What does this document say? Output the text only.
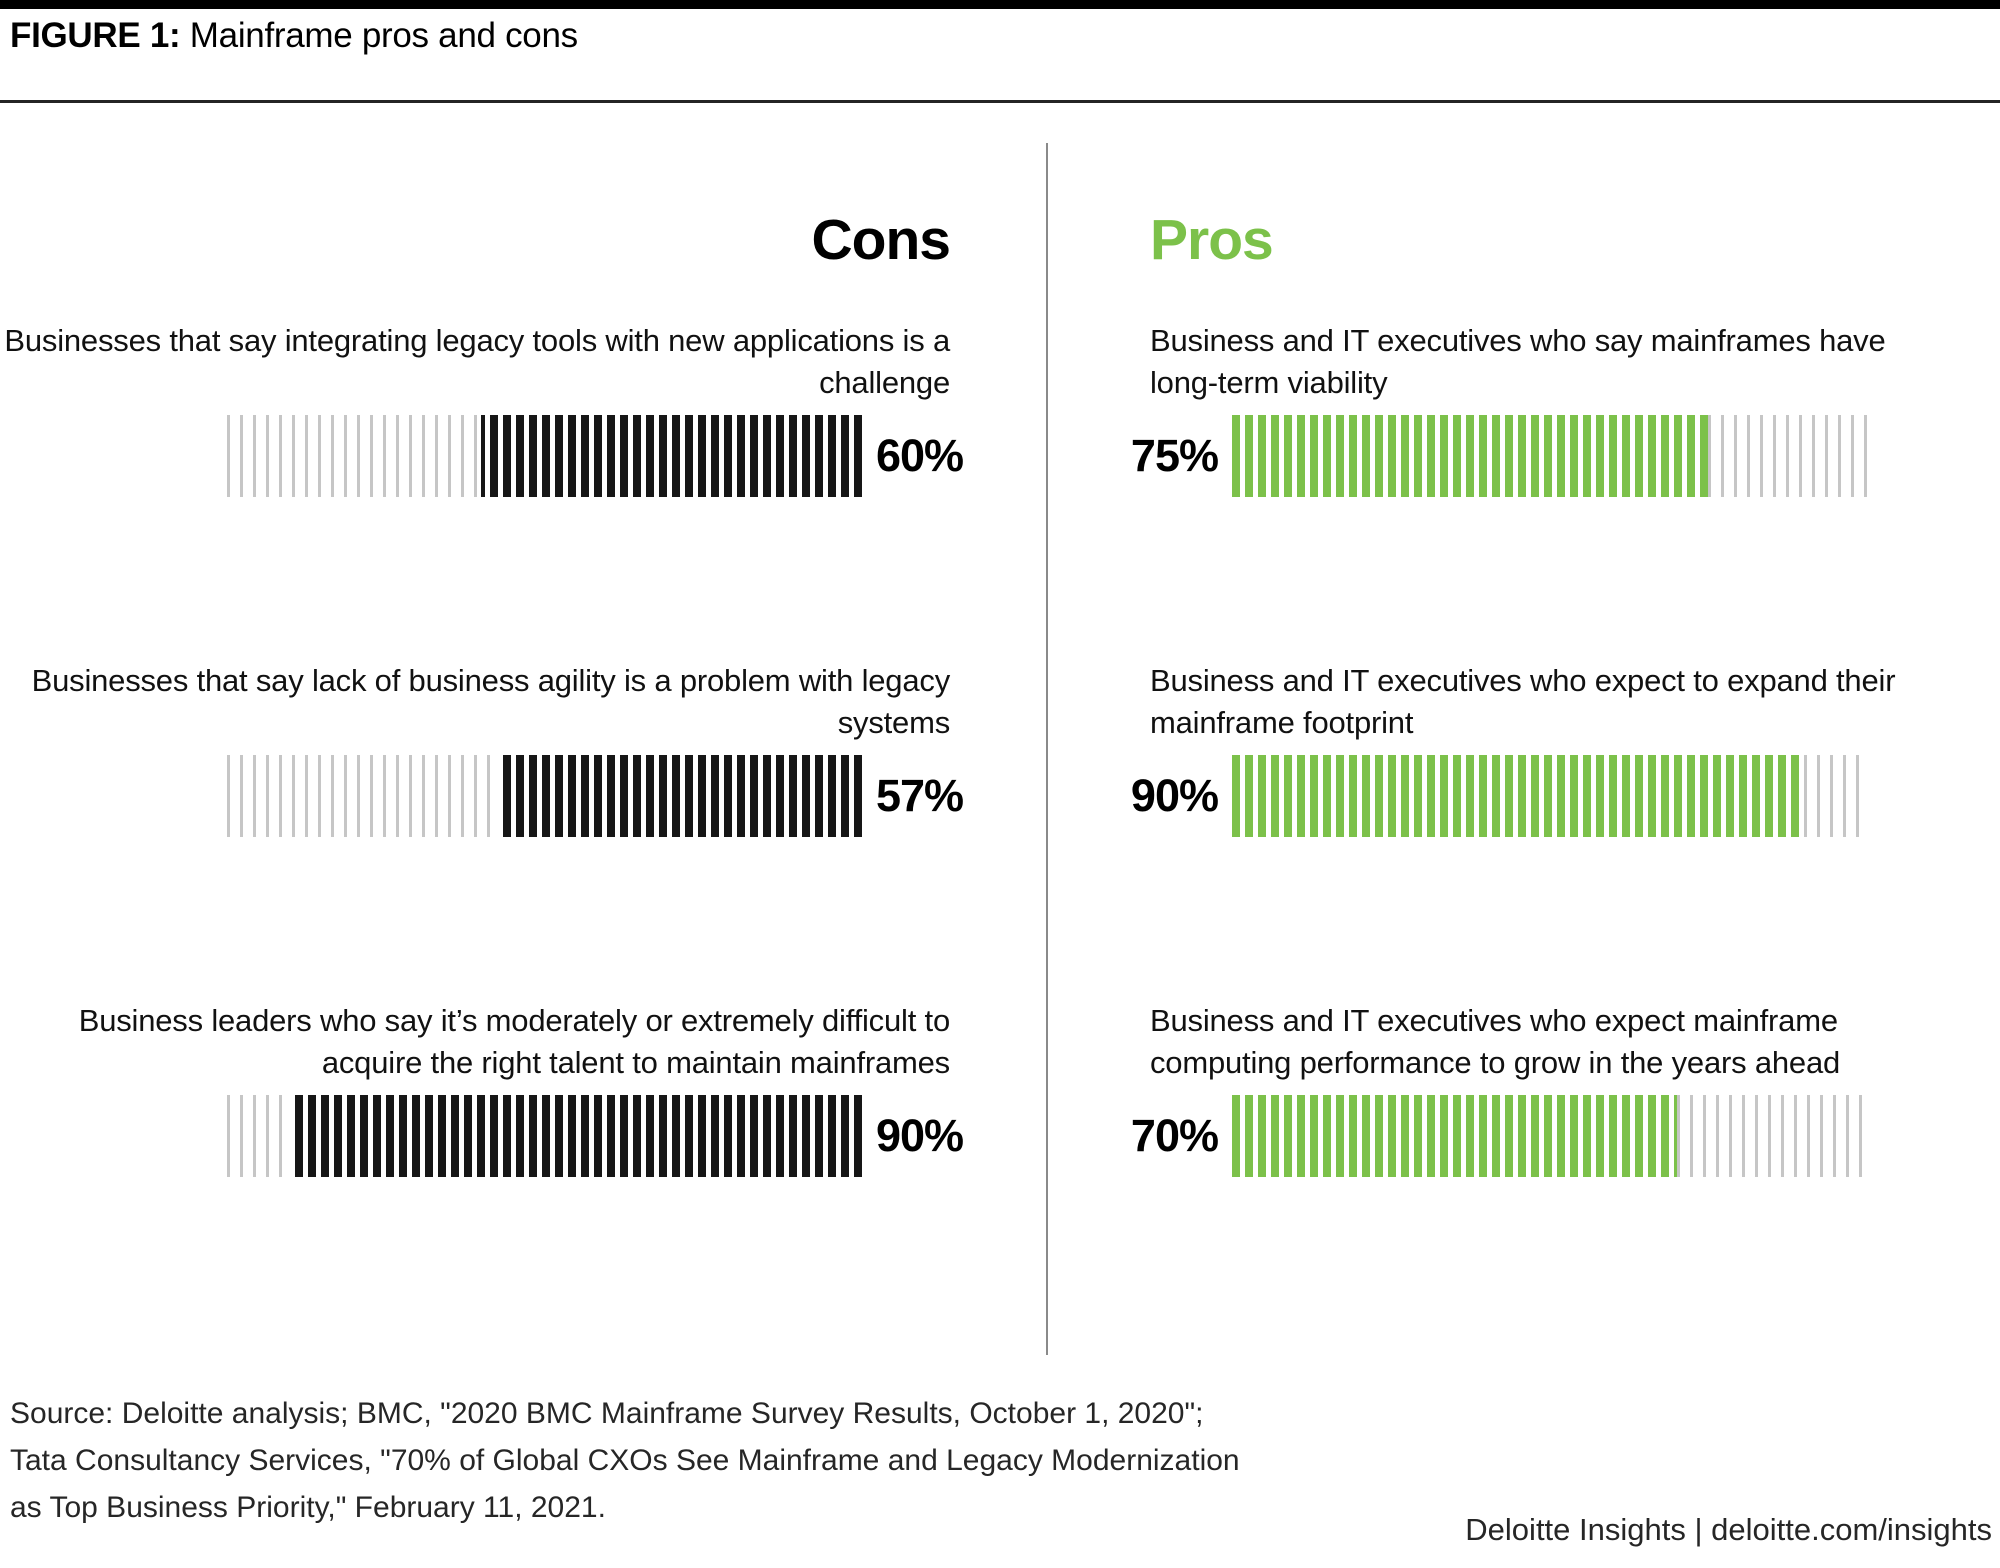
FIGURE 1: Mainframe pros and cons
Cons	Pros
Businesses that say integrating legacy tools with new applications is a challenge
60%
Businesses that say lack of business agility is a problem with legacy systems
57%
Business leaders who say it’s moderately or extremely difficult to acquire the right talent to maintain mainframes
90%
Business and IT executives who say mainframes have long-term viability
75%
Business and IT executives who expect to expand their mainframe footprint
90%
Business and IT executives who expect mainframe computing performance to grow in the years ahead
70%
Source: Deloitte analysis; BMC, "2020 BMC Mainframe Survey Results, October 1, 2020";
Tata Consultancy Services, "70% of Global CXOs See Mainframe and Legacy Modernization
as Top Business Priority," February 11, 2021.
Deloitte Insights | deloitte.com/insights
